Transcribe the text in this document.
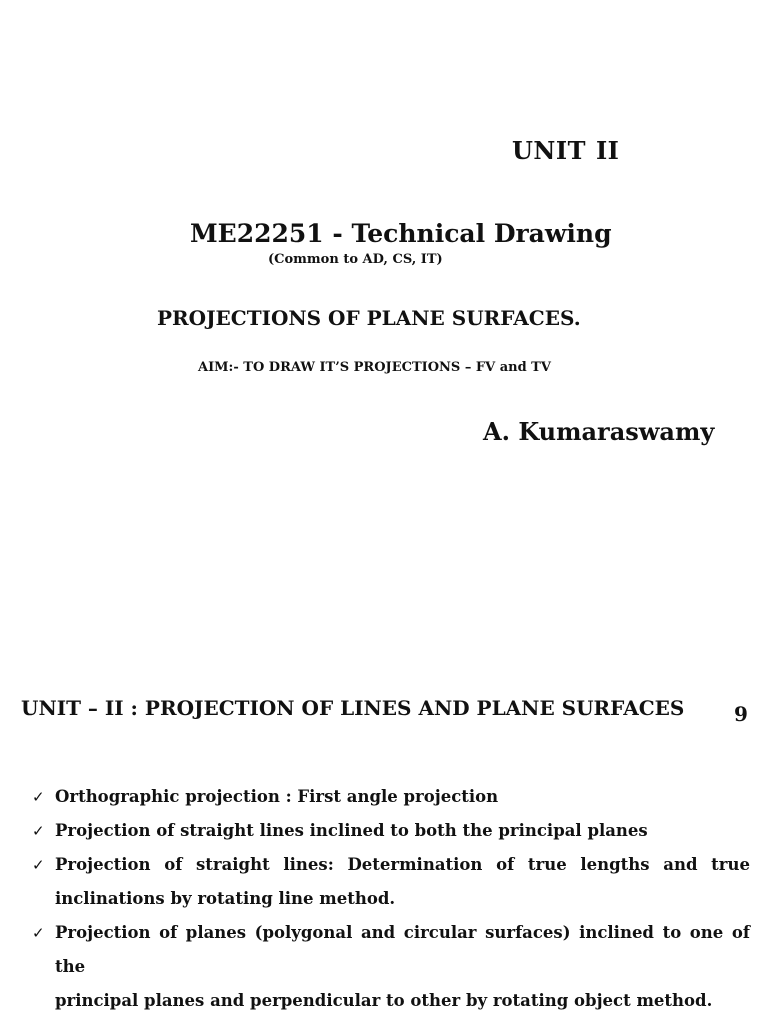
UNIT II
ME22251 - Technical Drawing
(Common to AD, CS, IT)
PROJECTIONS OF PLANE SURFACES.
AIM:- TO DRAW IT’S PROJECTIONS – FV and TV
A. Kumaraswamy
UNIT – II : PROJECTION OF LINES AND PLANE SURFACES 9
✓ Orthographic projection : First angle projection
✓ Projection of straight lines inclined to both the principal planes
✓ Projection of straight lines: Determination of true lengths and true
inclinations by rotating line method.
✓ Projection of planes (polygonal and circular surfaces) inclined to one of the
principal planes and perpendicular to other by rotating object method.
